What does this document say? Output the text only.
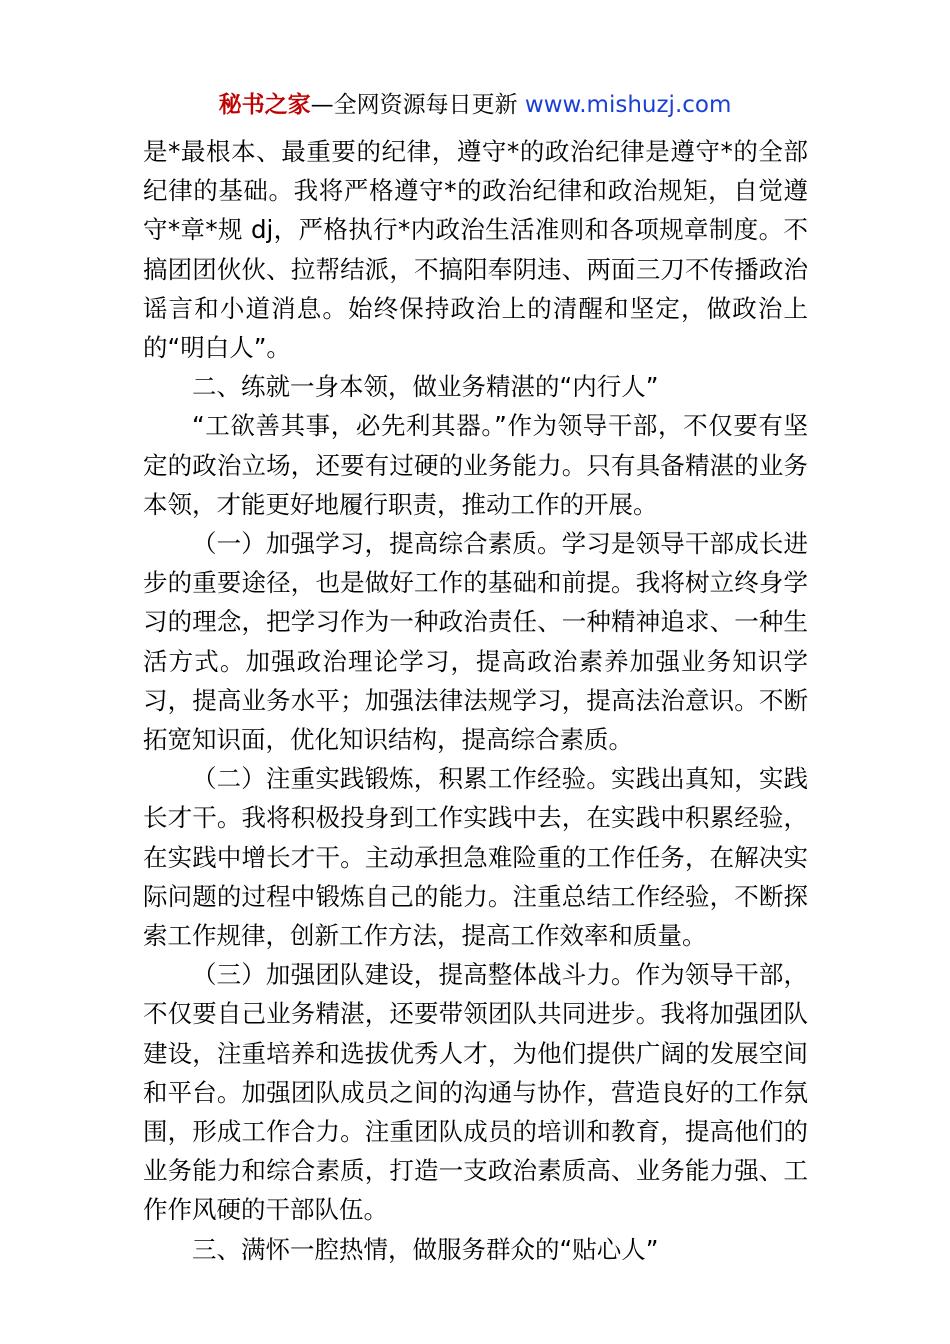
秘书之家—全网资源每日更新 www.mishuzj.com

是*最根本、最重要的纪律，遵守*的政治纪律是遵守*的全部纪律的基础。我将严格遵守*的政治纪律和政治规矩，自觉遵守*章*规 dj，严格执行*内政治生活准则和各项规章制度。不搞团团伙伙、拉帮结派，不搞阳奉阴违、两面三刀不传播政治谣言和小道消息。始终保持政治上的清醒和坚定，做政治上的“明白人”。

二、练就一身本领，做业务精湛的“内行人”

“工欲善其事，必先利其器。”作为领导干部，不仅要有坚定的政治立场，还要有过硬的业务能力。只有具备精湛的业务本领，才能更好地履行职责，推动工作的开展。

（一）加强学习，提高综合素质。学习是领导干部成长进步的重要途径，也是做好工作的基础和前提。我将树立终身学习的理念，把学习作为一种政治责任、一种精神追求、一种生活方式。加强政治理论学习，提高政治素养加强业务知识学习，提高业务水平；加强法律法规学习，提高法治意识。不断拓宽知识面，优化知识结构，提高综合素质。

（二）注重实践锻炼，积累工作经验。实践出真知，实践长才干。我将积极投身到工作实践中去，在实践中积累经验，在实践中增长才干。主动承担急难险重的工作任务，在解决实际问题的过程中锻炼自己的能力。注重总结工作经验，不断探索工作规律，创新工作方法，提高工作效率和质量。

（三）加强团队建设，提高整体战斗力。作为领导干部，不仅要自己业务精湛，还要带领团队共同进步。我将加强团队建设，注重培养和选拔优秀人才，为他们提供广阔的发展空间和平台。加强团队成员之间的沟通与协作，营造良好的工作氛围，形成工作合力。注重团队成员的培训和教育，提高他们的业务能力和综合素质，打造一支政治素质高、业务能力强、工作作风硬的干部队伍。

三、满怀一腔热情，做服务群众的“贴心人”
